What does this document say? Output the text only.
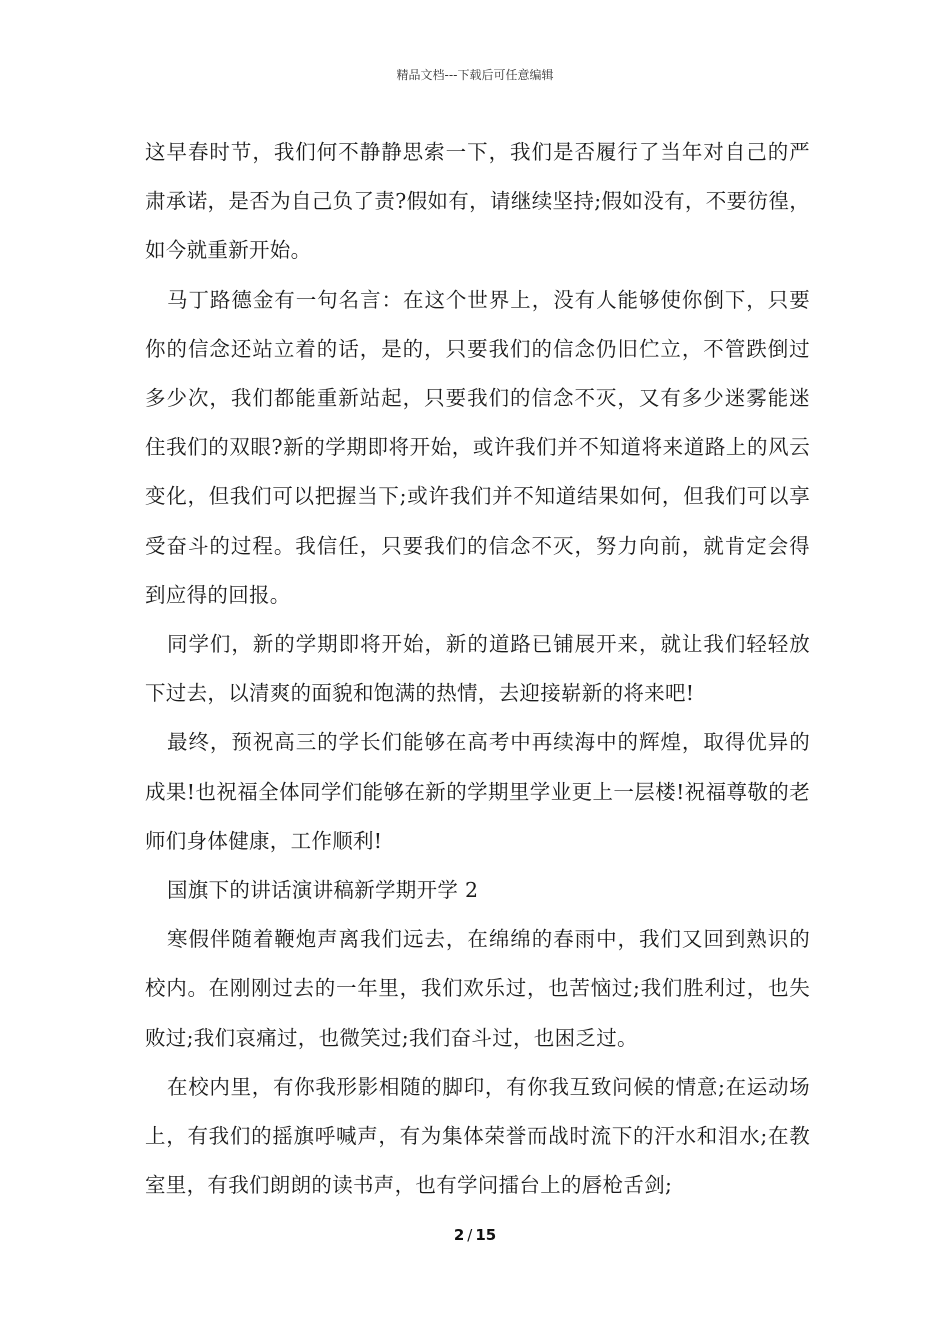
精品文档---下载后可任意编辑

这早春时节，我们何不静静思索一下，我们是否履行了当年对自己的严肃承诺，是否为自己负了责?假如有，请继续坚持;假如没有，不要彷徨，如今就重新开始。

马丁路德金有一句名言：在这个世界上，没有人能够使你倒下，只要你的信念还站立着的话，是的，只要我们的信念仍旧伫立，不管跌倒过多少次，我们都能重新站起，只要我们的信念不灭，又有多少迷雾能迷住我们的双眼?新的学期即将开始，或许我们并不知道将来道路上的风云变化，但我们可以把握当下;或许我们并不知道结果如何，但我们可以享受奋斗的过程。我信任，只要我们的信念不灭，努力向前，就肯定会得到应得的回报。

同学们，新的学期即将开始，新的道路已铺展开来，就让我们轻轻放下过去，以清爽的面貌和饱满的热情，去迎接崭新的将来吧!

最终，预祝高三的学长们能够在高考中再续海中的辉煌，取得优异的成果!也祝福全体同学们能够在新的学期里学业更上一层楼!祝福尊敬的老师们身体健康，工作顺利!

国旗下的讲话演讲稿新学期开学 2

寒假伴随着鞭炮声离我们远去，在绵绵的春雨中，我们又回到熟识的校内。在刚刚过去的一年里，我们欢乐过，也苦恼过;我们胜利过，也失败过;我们哀痛过，也微笑过;我们奋斗过，也困乏过。

在校内里，有你我形影相随的脚印，有你我互致问候的情意;在运动场上，有我们的摇旗呼喊声，有为集体荣誉而战时流下的汗水和泪水;在教室里，有我们朗朗的读书声，也有学问擂台上的唇枪舌剑;

2 / 15
